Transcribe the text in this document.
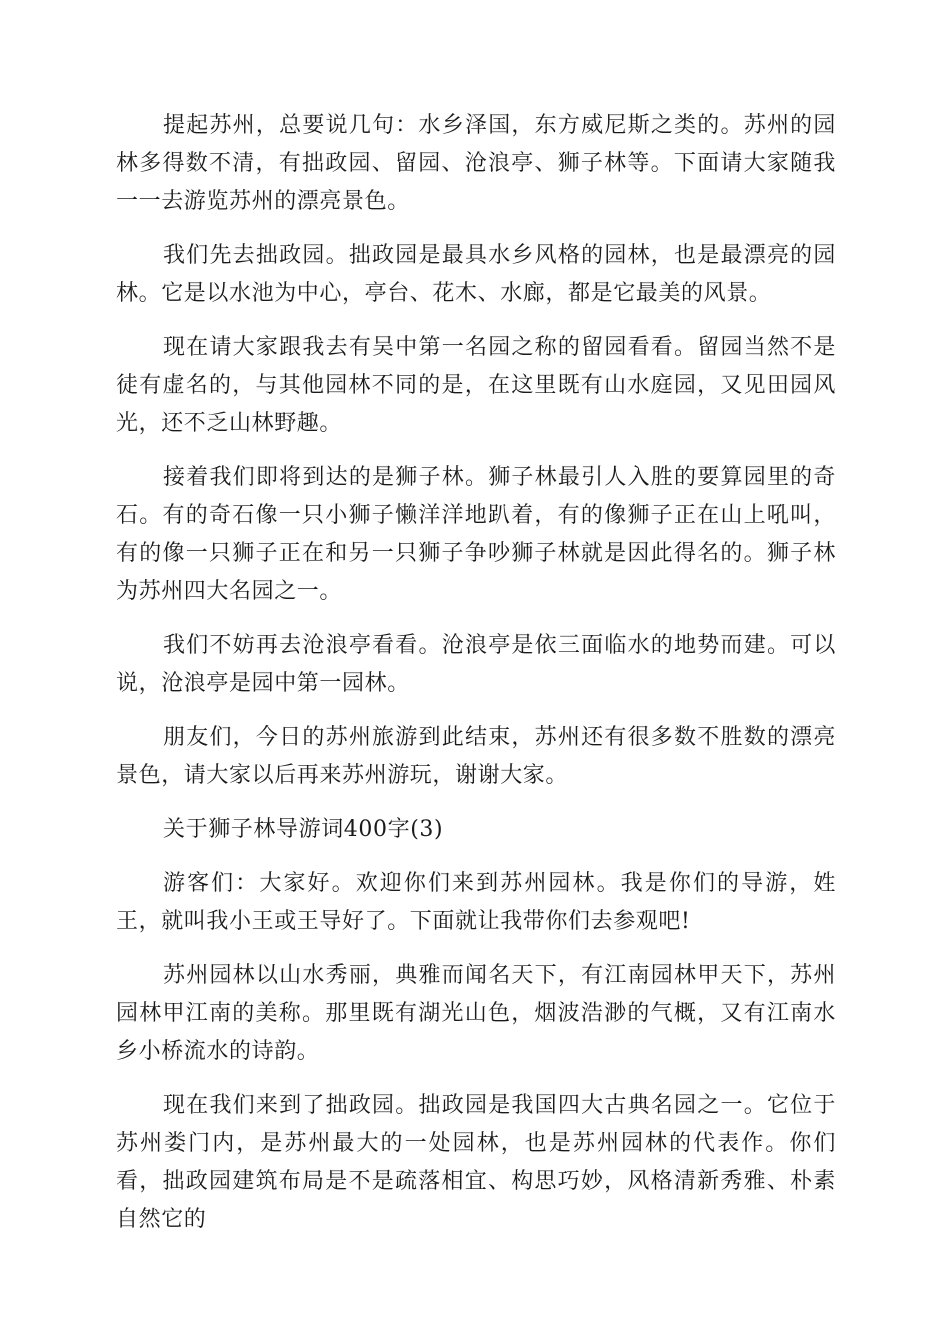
提起苏州，总要说几句：水乡泽国，东方威尼斯之类的。苏州的园林多得数不清，有拙政园、留园、沧浪亭、狮子林等。下面请大家随我一一去游览苏州的漂亮景色。

我们先去拙政园。拙政园是最具水乡风格的园林，也是最漂亮的园林。它是以水池为中心，亭台、花木、水廊，都是它最美的风景。

现在请大家跟我去有吴中第一名园之称的留园看看。留园当然不是徒有虚名的，与其他园林不同的是，在这里既有山水庭园，又见田园风光，还不乏山林野趣。

接着我们即将到达的是狮子林。狮子林最引人入胜的要算园里的奇石。有的奇石像一只小狮子懒洋洋地趴着，有的像狮子正在山上吼叫，有的像一只狮子正在和另一只狮子争吵狮子林就是因此得名的。狮子林为苏州四大名园之一。

我们不妨再去沧浪亭看看。沧浪亭是依三面临水的地势而建。可以说，沧浪亭是园中第一园林。

朋友们，今日的苏州旅游到此结束，苏州还有很多数不胜数的漂亮景色，请大家以后再来苏州游玩，谢谢大家。

关于狮子林导游词400字(3)

游客们：大家好。欢迎你们来到苏州园林。我是你们的导游，姓王，就叫我小王或王导好了。下面就让我带你们去参观吧!

苏州园林以山水秀丽，典雅而闻名天下，有江南园林甲天下，苏州园林甲江南的美称。那里既有湖光山色，烟波浩渺的气概，又有江南水乡小桥流水的诗韵。

现在我们来到了拙政园。拙政园是我国四大古典名园之一。它位于苏州娄门内，是苏州最大的一处园林，也是苏州园林的代表作。你们看，拙政园建筑布局是不是疏落相宜、构思巧妙，风格清新秀雅、朴素自然它的
